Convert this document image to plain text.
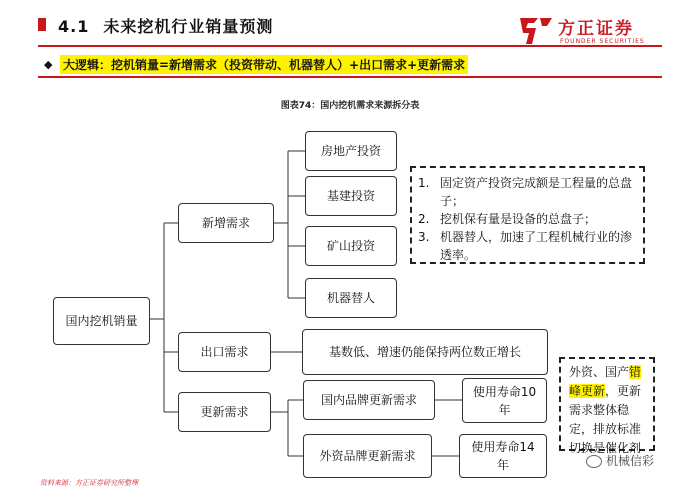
4.1 未来挖机行业销量预测	方正证券
FOUNDER SECURITIES
◆ 大逻辑：挖机销量=新增需求（投资带动、机器替人）+出口需求+更新需求
图表74：国内挖机需求来源拆分表
国内挖机销量
新增需求
出口需求
更新需求
房地产投资
基建投资
矿山投资
机器替人
基数低、增速仍能保持两位数正增长
国内品牌更新需求
使用寿命10年
外资品牌更新需求
使用寿命14年
1. 固定资产投资完成额是工程量的总盘子；
2. 挖机保有量是设备的总盘子；
3. 机器替人，加速了工程机械行业的渗透率。
外资、国产错峰更新，更新需求整体稳定，排放标准切换是催化剂
资料来源：方正证券研究所整理
机械信彩
